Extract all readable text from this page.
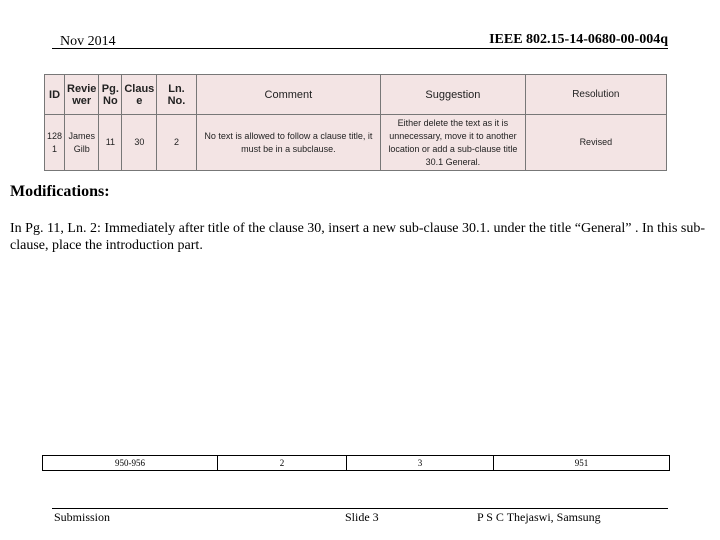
Nov 2014	IEEE 802.15-14-0680-00-004q
ID	Revie wer	Pg. No	Claus e	Ln. No.	Comment	Suggestion	Resolution
128 1	James Gilb	11	30	2	No text is allowed to follow a clause title, it must be in a subclause.	Either delete the text as it is unnecessary, move it to another location or add a sub-clause title 30.1 General.	Revised
Modifications:
In Pg. 11, Ln. 2: Immediately after title of the clause 30, insert a new sub-clause 30.1. under the title “General” . In this sub-clause, place the introduction part.
950-956	2	3	951
Submission	Slide 3	P S C Thejaswi, Samsung
